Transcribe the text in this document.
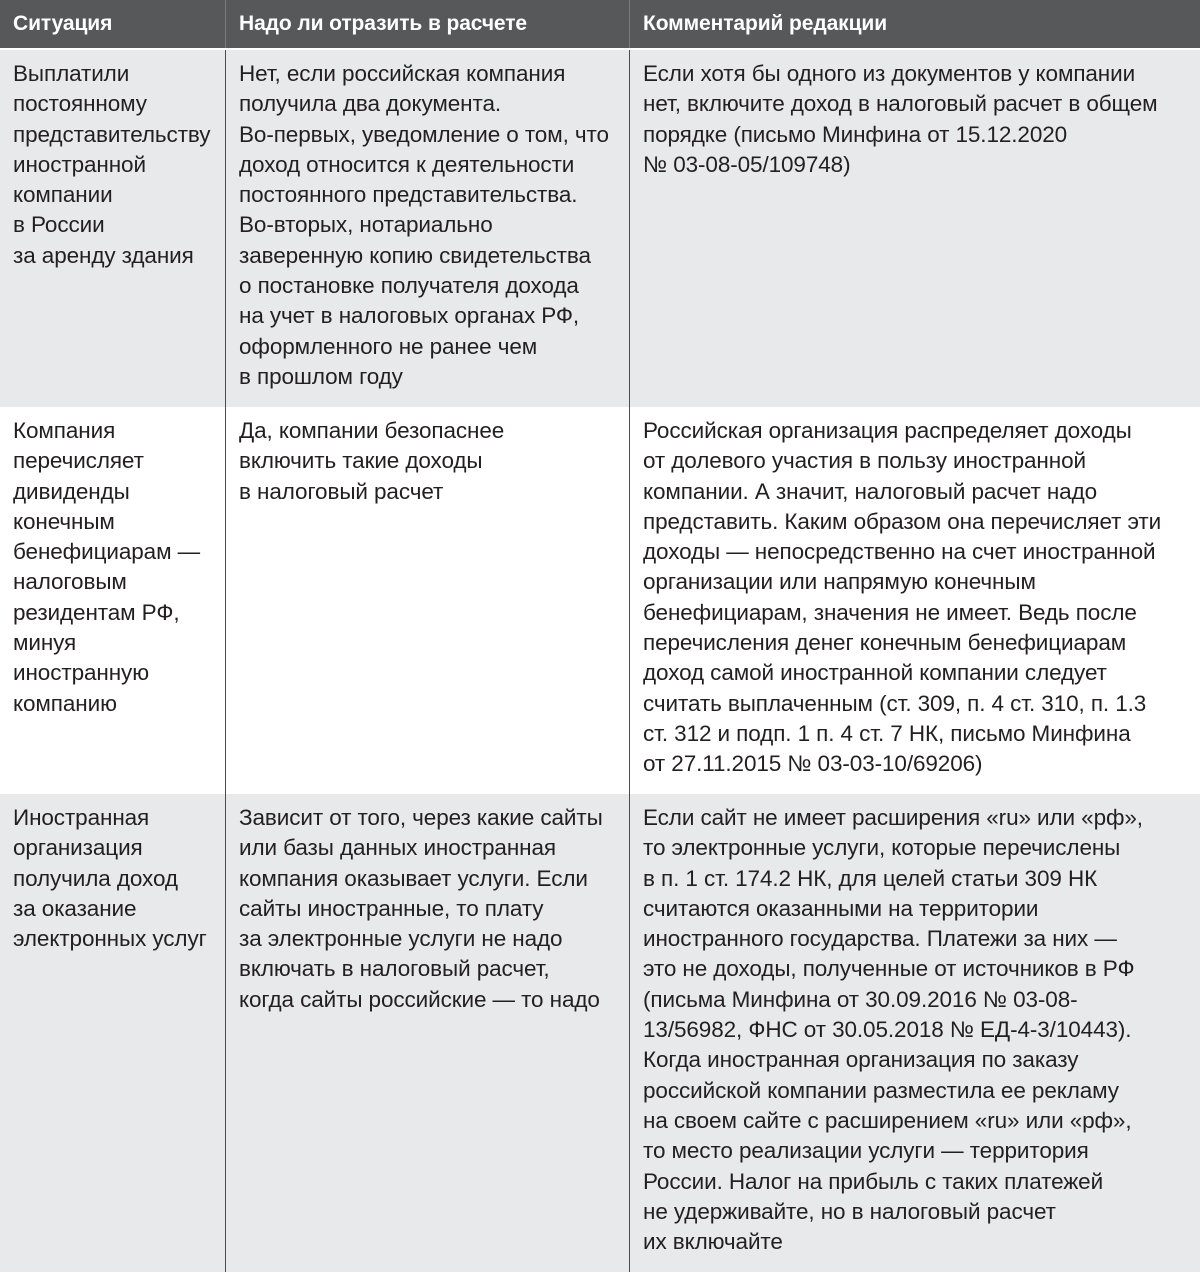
Ситуация	Надо ли отразить в расчете	Комментарий редакции
Выплатили
постоянному
представительству
иностранной
компании
в России
за аренду здания
Нет, если российская компания
получила два документа.
Во-первых, уведомление о том, что
доход относится к деятельности
постоянного представительства.
Во-вторых, нотариально
заверенную копию свидетельства
о постановке получателя дохода
на учет в налоговых органах РФ,
оформленного не ранее чем
в прошлом году
Если хотя бы одного из документов у компании
нет, включите доход в налоговый расчет в общем
порядке (письмо Минфина от 15.12.2020
№ 03-08-05/109748)
Компания
перечисляет
дивиденды
конечным
бенефициарам —
налоговым
резидентам РФ,
минуя
иностранную
компанию
Да, компании безопаснее
включить такие доходы
в налоговый расчет
Российская организация распределяет доходы
от долевого участия в пользу иностранной
компании. А значит, налоговый расчет надо
представить. Каким образом она перечисляет эти
доходы — непосредственно на счет иностранной
организации или напрямую конечным
бенефициарам, значения не имеет. Ведь после
перечисления денег конечным бенефициарам
доход самой иностранной компании следует
считать выплаченным (ст. 309, п. 4 ст. 310, п. 1.3
ст. 312 и подп. 1 п. 4 ст. 7 НК, письмо Минфина
от 27.11.2015 № 03-03-10/69206)
Иностранная
организация
получила доход
за оказание
электронных услуг
Зависит от того, через какие сайты
или базы данных иностранная
компания оказывает услуги. Если
сайты иностранные, то плату
за электронные услуги не надо
включать в налоговый расчет,
когда сайты российские — то надо
Если сайт не имеет расширения «ru» или «рф»,
то электронные услуги, которые перечислены
в п. 1 ст. 174.2 НК, для целей статьи 309 НК
считаются оказанными на территории
иностранного государства. Платежи за них —
это не доходы, полученные от источников в РФ
(письма Минфина от 30.09.2016 № 03-08-
13/56982, ФНС от 30.05.2018 № ЕД-4-3/10443).
Когда иностранная организация по заказу
российской компании разместила ее рекламу
на своем сайте с расширением «ru» или «рф»,
то место реализации услуги — территория
России. Налог на прибыль с таких платежей
не удерживайте, но в налоговый расчет
их включайте
